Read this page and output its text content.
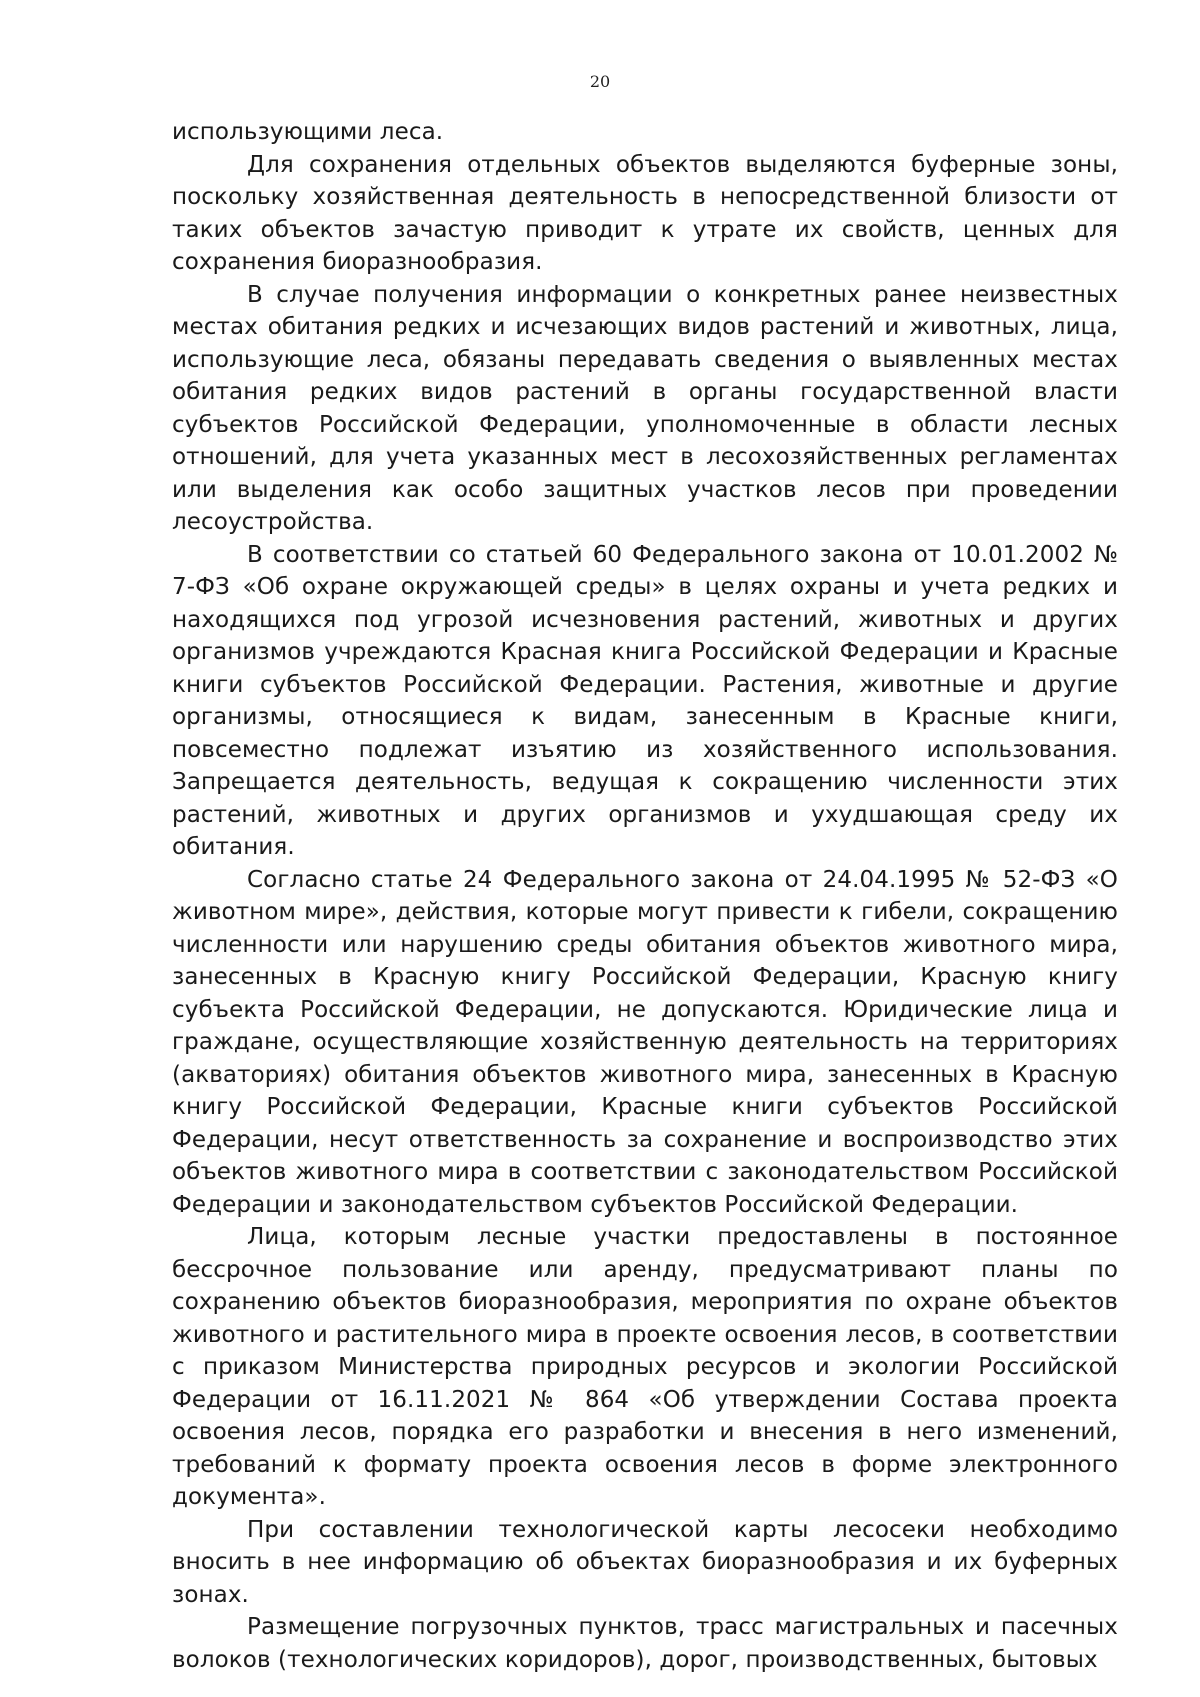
20

использующими леса.

Для сохранения отдельных объектов выделяются буферные зоны, поскольку хозяйственная деятельность в непосредственной близости от таких объектов зачастую приводит к утрате их свойств, ценных для сохранения биоразнообразия.

В случае получения информации о конкретных ранее неизвестных местах обитания редких и исчезающих видов растений и животных, лица, использующие леса, обязаны передавать сведения о выявленных местах обитания редких видов растений в органы государственной власти субъектов Российской Федерации, уполномоченные в области лесных отношений, для учета указанных мест в лесохозяйственных регламентах или выделения как особо защитных участков лесов при проведении лесоустройства.

В соответствии со статьей 60 Федерального закона от 10.01.2002 № 7-ФЗ «Об охране окружающей среды» в целях охраны и учета редких и находящихся под угрозой исчезновения растений, животных и других организмов учреждаются Красная книга Российской Федерации и Красные книги субъектов Российской Федерации. Растения, животные и другие организмы, относящиеся к видам, занесенным в Красные книги, повсеместно подлежат изъятию из хозяйственного использования. Запрещается деятельность, ведущая к сокращению численности этих растений, животных и других организмов и ухудшающая среду их обитания.

Согласно статье 24 Федерального закона от 24.04.1995 № 52-ФЗ «О животном мире», действия, которые могут привести к гибели, сокращению численности или нарушению среды обитания объектов животного мира, занесенных в Красную книгу Российской Федерации, Красную книгу субъекта Российской Федерации, не допускаются. Юридические лица и граждане, осуществляющие хозяйственную деятельность на территориях (акваториях) обитания объектов животного мира, занесенных в Красную книгу Российской Федерации, Красные книги субъектов Российской Федерации, несут ответственность за сохранение и воспроизводство этих объектов животного мира в соответствии с законодательством Российской Федерации и законодательством субъектов Российской Федерации.

Лица, которым лесные участки предоставлены в постоянное бессрочное пользование или аренду, предусматривают планы по сохранению объектов биоразнообразия, мероприятия по охране объектов животного и растительного мира в проекте освоения лесов, в соответствии с приказом Министерства природных ресурсов и экологии Российской Федерации от 16.11.2021 № 864 «Об утверждении Состава проекта освоения лесов, порядка его разработки и внесения в него изменений, требований к формату проекта освоения лесов в форме электронного документа».

При составлении технологической карты лесосеки необходимо вносить в нее информацию об объектах биоразнообразия и их буферных зонах.

Размещение погрузочных пунктов, трасс магистральных и пасечных волоков (технологических коридоров), дорог, производственных, бытовых
